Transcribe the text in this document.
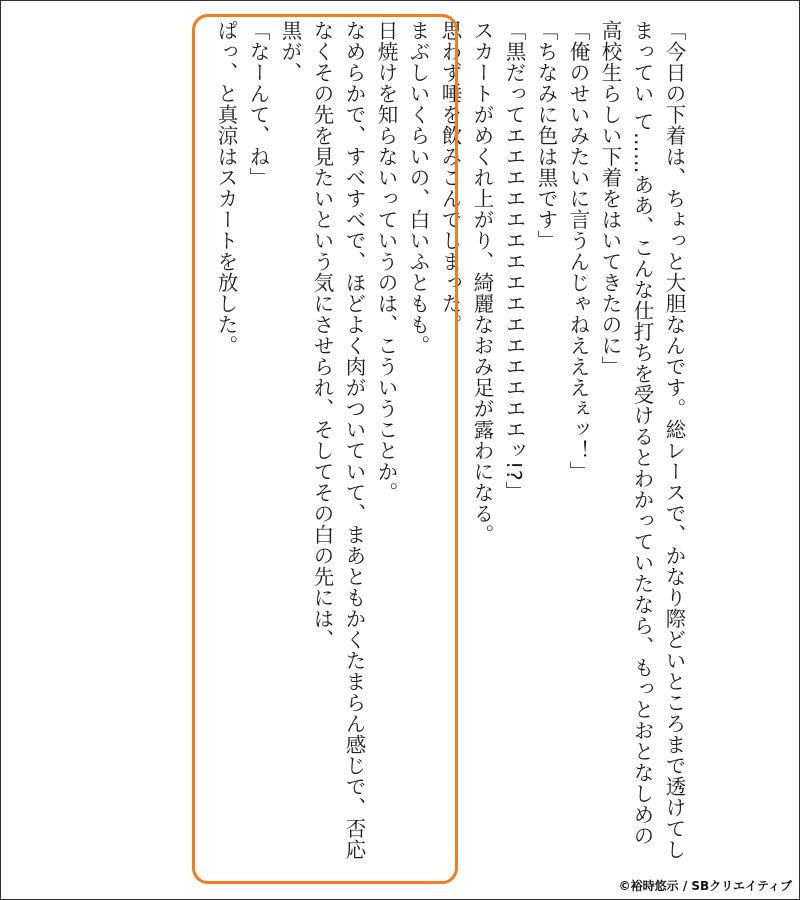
「今日の下着は、ちょっと大胆なんです。総レースで、かなり際どいところまで透けてしまってい て……ああ、こんな仕打ちを受けるとわかっていたなら、もっとおとなしめの高校生らしい下着をはいてきたのに」

「俺のせいみたいに言うんじゃねえええぇッ！」

「ちなみに色は黒です」

「黒だってエエエエエエエエエエエエエエエッ!?」

スカートがめくれ上がり、綺麗なおみ足が露わになる。

思わず唾を飲みこんでしまった。

まぶしいくらいの、白いふともも。

日焼けを知らないっていうのは、こういうことか。

なめらかで、すべすべで、ほどよく肉がついていて、まあともかくたまらん感じで、否応なくその先を見たいという気にさせられ、そしてその白の先には、

黒が、

「なーんて、ね」

ぱっ、と真涼はスカートを放した。

©裕時悠示 / SBクリエイティブ
